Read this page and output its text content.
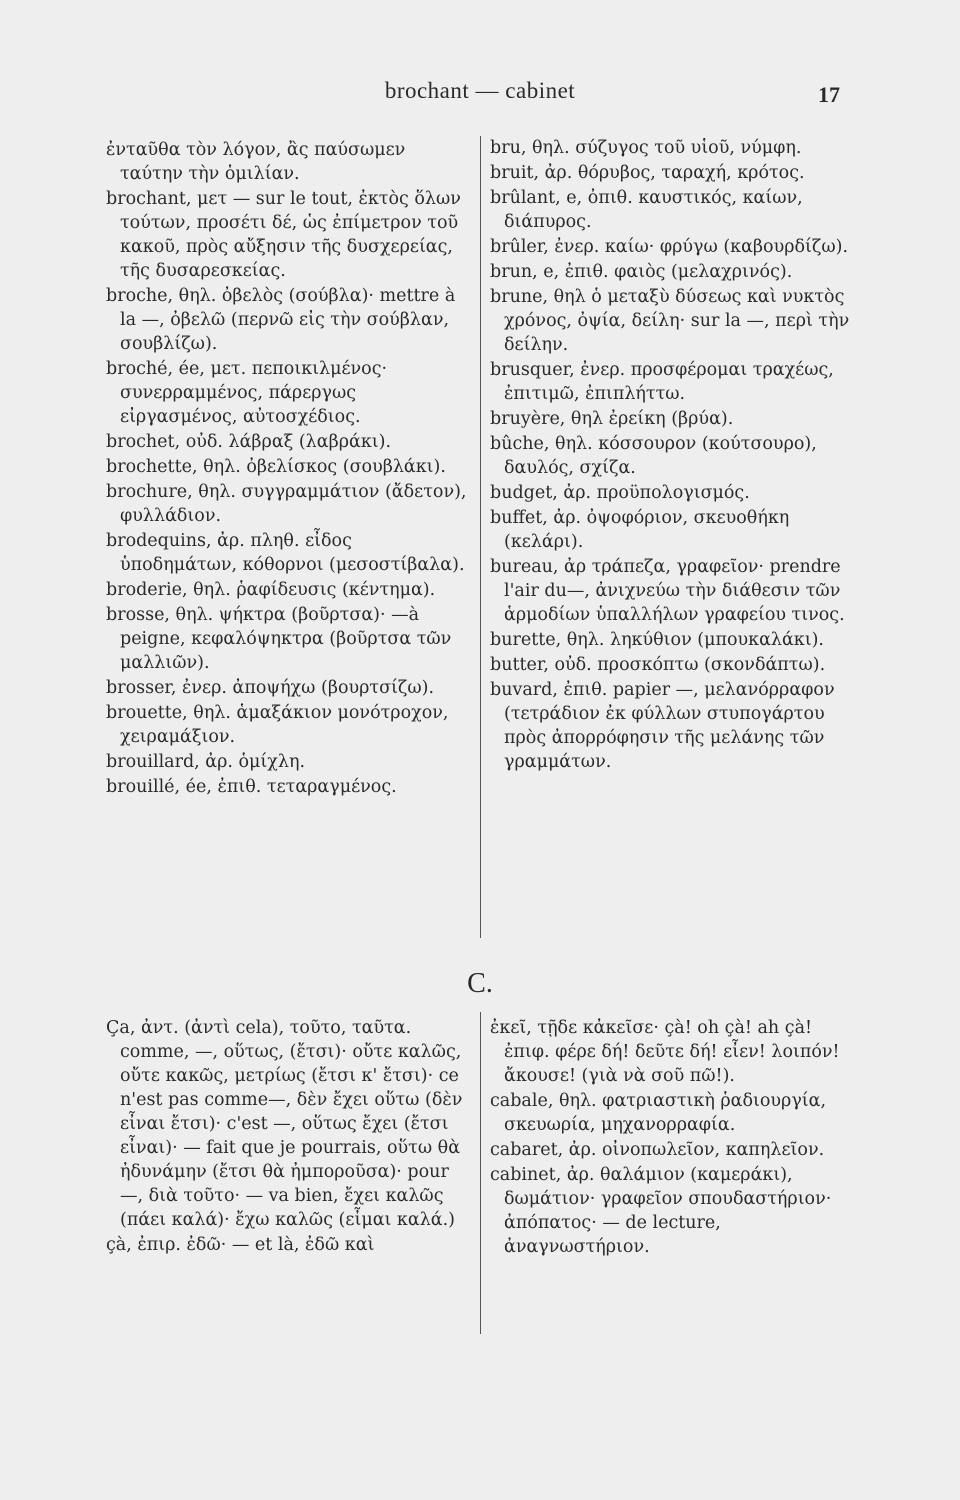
brochant — cabinet	17

ἐνταῦθα τὸν λόγον, ἂς παύσωμεν ταύτην τὴν ὁμιλίαν.

brochant, μετ — sur le tout, ἐκτὸς ὅλων τούτων, προσέτι δέ, ὡς ἐπίμετρον τοῦ κακοῦ, πρὸς αὔξησιν τῆς δυσχερείας, τῆς δυσαρεσκείας.

broche, θηλ. ὀβελὸς (σούβλα)· mettre à la —, ὀβελῶ (περνῶ εἰς τὴν σούβλαν, σουβλίζω).

broché, ée, μετ. πεποικιλμένος· συνερραμμένος, πάρεργως εἰργασμένος, αὐτοσχέδιος.

brochet, οὐδ. λάβραξ (λαβράκι).

brochette, θηλ. ὀβελίσκος (σουβλάκι).

brochure, θηλ. συγγραμμάτιον (ἄδετον), φυλλάδιον.

brodequins, ἀρ. πληθ. εἶδος ὑποδημάτων, κόθορνοι (μεσοστίβαλα).

broderie, θηλ. ῥαφίδευσις (κέντημα).

brosse, θηλ. ψήκτρα (βοῦρτσα)· —à peigne, κεφαλόψηκτρα (βοῦρτσα τῶν μαλλιῶν).

brosser, ἐνερ. ἀποψήχω (βουρτσίζω).

brouette, θηλ. ἁμαξάκιον μονότροχον, χειραμάξιον.

brouillard, ἀρ. ὁμίχλη.

brouillé, ée, ἐπιθ. τεταραγμένος.

bru, θηλ. σύζυγος τοῦ υἱοῦ, νύμφη.

bruit, ἀρ. θόρυβος, ταραχή, κρότος.

brûlant, e, ὀπιθ. καυστικός, καίων, διάπυρος.

brûler, ἐνερ. καίω· φρύγω (καβουρδίζω).

brun, e, ἐπιθ. φαιὸς (μελαχρινός).

brune, θηλ ὁ μεταξὺ δύσεως καὶ νυκτὸς χρόνος, ὀψία, δείλη· sur la —, περὶ τὴν δείλην.

brusquer, ἐνερ. προσφέρομαι τραχέως, ἐπιτιμῶ, ἐπιπλήττω.

bruyère, θηλ ἐρείκη (βρύα).

bûche, θηλ. κόσσουρον (κούτσουρο), δαυλός, σχίζα.

budget, ἀρ. προϋπολογισμός.

buffet, ἀρ. ὀψοφόριον, σκευοθήκη (κελάρι).

bureau, ἀρ τράπεζα, γραφεῖον· prendre l'air du—, ἀνιχνεύω τὴν διάθεσιν τῶν ἁρμοδίων ὑπαλλήλων γραφείου τινος.

burette, θηλ. ληκύθιον (μπουκαλάκι).

butter, οὐδ. προσκόπτω (σκονδάπτω).

buvard, ἐπιθ. papier —, μελανόρραφον (τετράδιον ἐκ φύλλων στυπογάρτου πρὸς ἀπορρόφησιν τῆς μελάνης τῶν γραμμάτων.

C.

Ça, ἀντ. (ἀντὶ cela), τοῦτο, ταῦτα. comme, —, οὕτως, (ἔτσι)· οὔτε καλῶς, οὔτε κακῶς, μετρίως (ἔτσι κ' ἔτσι)· ce n'est pas comme—, δὲν ἔχει οὕτω (δὲν εἶναι ἔτσι)· c'est —, οὕτως ἔχει (ἔτσι εἶναι)· — fait que je pourrais, οὕτω θὰ ἠδυνάμην (ἔτσι θὰ ἠμποροῦσα)· pour —, διὰ τοῦτο· — va bien, ἔχει καλῶς (πάει καλά)· ἔχω καλῶς (εἶμαι καλά.)

çà, ἐπιρ. ἐδῶ· — et là, ἐδῶ καὶ

ἐκεῖ, τῇδε κἀκεῖσε· çà! oh çà! ah çà! ἐπιφ. φέρε δή! δεῦτε δή! εἶεν! λοιπόν! ἄκουσε! (γιὰ νὰ σοῦ πῶ!).

cabale, θηλ. φατριαστικὴ ῥαδιουργία, σκευωρία, μηχανορραφία.

cabaret, ἀρ. οἰνοπωλεῖον, καπηλεῖον.

cabinet, ἀρ. θαλάμιον (καμεράκι), δωμάτιον· γραφεῖον σπουδαστήριον· ἀπόπατος· — de lecture, ἀναγνωστήριον.
